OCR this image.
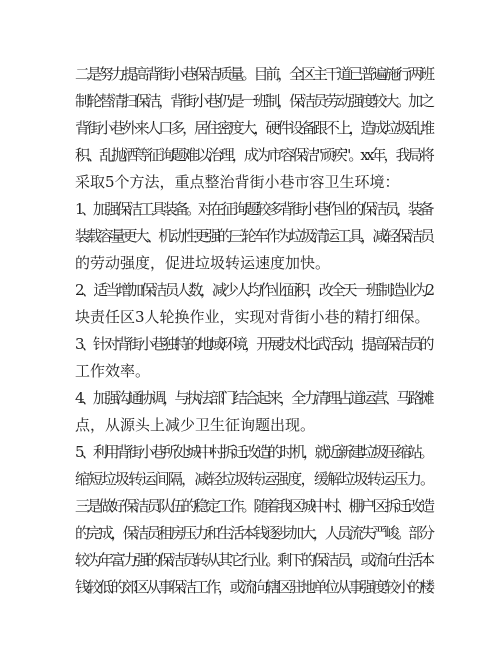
二是努力提高背街小巷保洁质量。目前，全区主干道已普遍施行两班
制轮替清扫保洁，背街小巷仍是一班制，保洁员劳动强度较大。加之
背街小巷外来人口多，居住密度大，硬件设备跟不上，造成垃圾乱堆
积、乱抛洒等征询题难以治理，成为市容保洁"顽疾"。xx年，我局将
采取5个方法，重点整治背街小巷市容卫生环境：
1、加强保洁工具装备。对在征询题较多背街小巷作业的保洁员，装备
装载容量更大、机动性更强的三轮车作为垃圾清运工具，减轻保洁员
的劳动强度，促进垃圾转运速度加快。
2、适当增加保洁员人数，减少人均作业面积，改全天一班制造业为2
块责任区3人轮换作业，实现对背街小巷的精打细保。
3、针对背街小巷独特的地域环境，开展技术比武活动，提高保洁员的
工作效率。
4、加强沟通协调，与执法部门结合起来，全力清理占道运营、马路摊
点，从源头上减少卫生征询题出现。
5、利用背街小巷所处城中村拆迁改造的时机，就近新建垃圾压缩站。
缩短垃圾转运间隔，减轻垃圾转运强度，缓解垃圾转运压力。
三是做好保洁员队伍的稳定工作。随着我区城中村、棚户区拆迁改造
的完成，保洁员租房压力和生活本钱逐步加大，人员流失严峻。部分
较为年富力强的保洁员转从其它行业。剩下的保洁员，或流向生活本
钱较低的郊区从事保洁工作，或流向辖区驻地单位从事强度较小的楼
